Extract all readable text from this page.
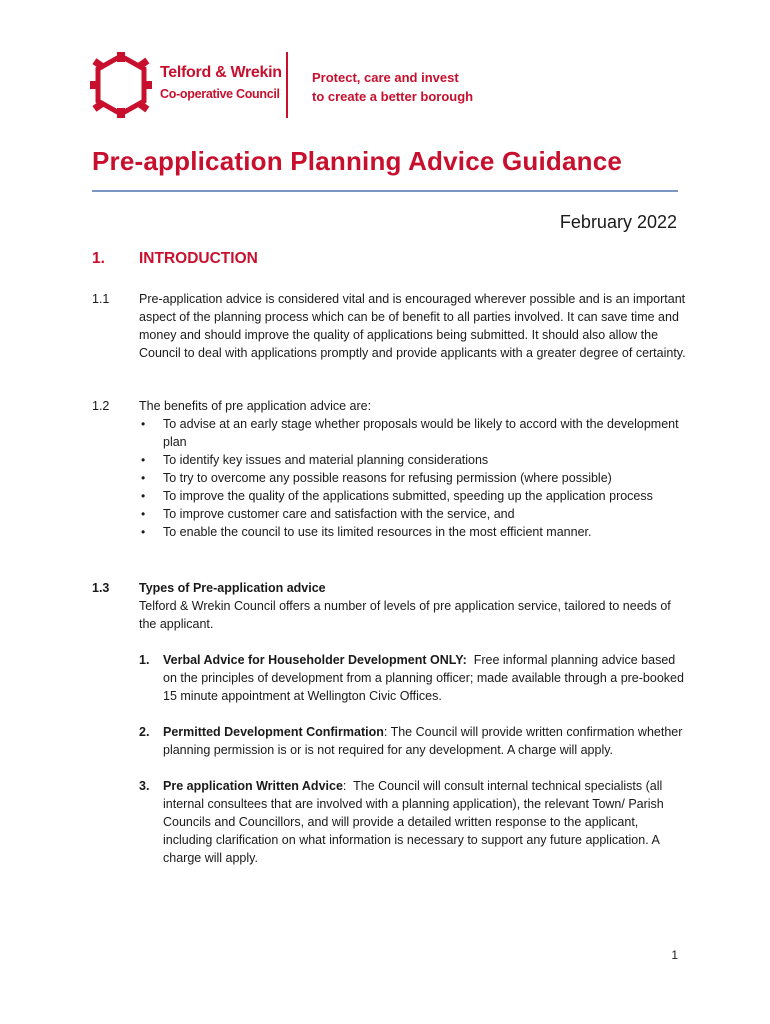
Telford & Wrekin
Co-operative Council
Protect, care and invest
to create a better borough
Pre-application Planning Advice Guidance
February 2022
1. INTRODUCTION
1.1 Pre-application advice is considered vital and is encouraged wherever possible and is an important aspect of the planning process which can be of benefit to all parties involved. It can save time and money and should improve the quality of applications being submitted. It should also allow the Council to deal with applications promptly and provide applicants with a greater degree of certainty.
1.2 The benefits of pre application advice are:
• To advise at an early stage whether proposals would be likely to accord with the development plan
• To identify key issues and material planning considerations
• To try to overcome any possible reasons for refusing permission (where possible)
• To improve the quality of the applications submitted, speeding up the application process
• To improve customer care and satisfaction with the service, and
• To enable the council to use its limited resources in the most efficient manner.
1.3 Types of Pre-application advice
Telford & Wrekin Council offers a number of levels of pre application service, tailored to needs of the applicant.
1. Verbal Advice for Householder Development ONLY:  Free informal planning advice based on the principles of development from a planning officer; made available through a pre-booked 15 minute appointment at Wellington Civic Offices.
2. Permitted Development Confirmation: The Council will provide written confirmation whether planning permission is or is not required for any development. A charge will apply.
3. Pre application Written Advice:  The Council will consult internal technical specialists (all internal consultees that are involved with a planning application), the relevant Town/ Parish Councils and Councillors, and will provide a detailed written response to the applicant, including clarification on what information is necessary to support any future application. A charge will apply.
1
